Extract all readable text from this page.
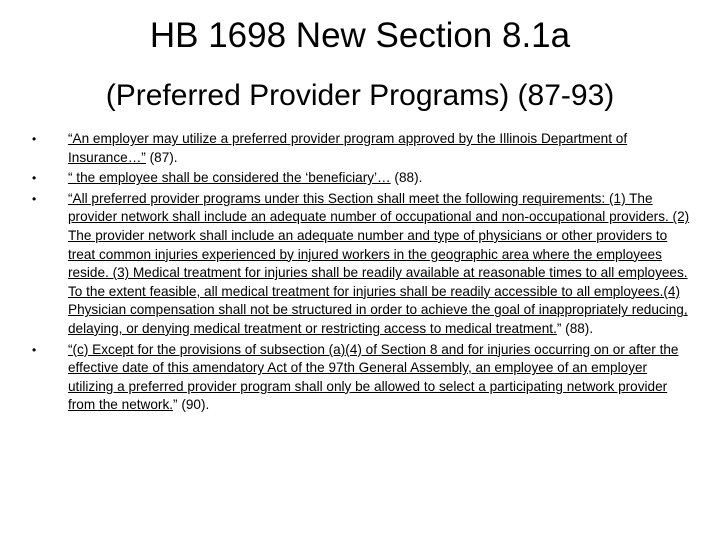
HB 1698 New Section 8.1a
(Preferred Provider Programs) (87-93)
• “An employer may utilize a preferred provider program approved by the Illinois Department of Insurance…” (87).
• “ the employee shall be considered the ‘beneficiary’… (88).
• “All preferred provider programs under this Section shall meet the following requirements: (1) The provider network shall include an adequate number of occupational and non-occupational providers. (2) The provider network shall include an adequate number and type of physicians or other providers to treat common injuries experienced by injured workers in the geographic area where the employees reside. (3) Medical treatment for injuries shall be readily available at reasonable times to all employees. To the extent feasible, all medical treatment for injuries shall be readily accessible to all employees.(4) Physician compensation shall not be structured in order to achieve the goal of inappropriately reducing, delaying, or denying medical treatment or restricting access to medical treatment.” (88).
• “(c) Except for the provisions of subsection (a)(4) of Section 8 and for injuries occurring on or after the effective date of this amendatory Act of the 97th General Assembly, an employee of an employer utilizing a preferred provider program shall only be allowed to select a participating network provider from the network.” (90).
